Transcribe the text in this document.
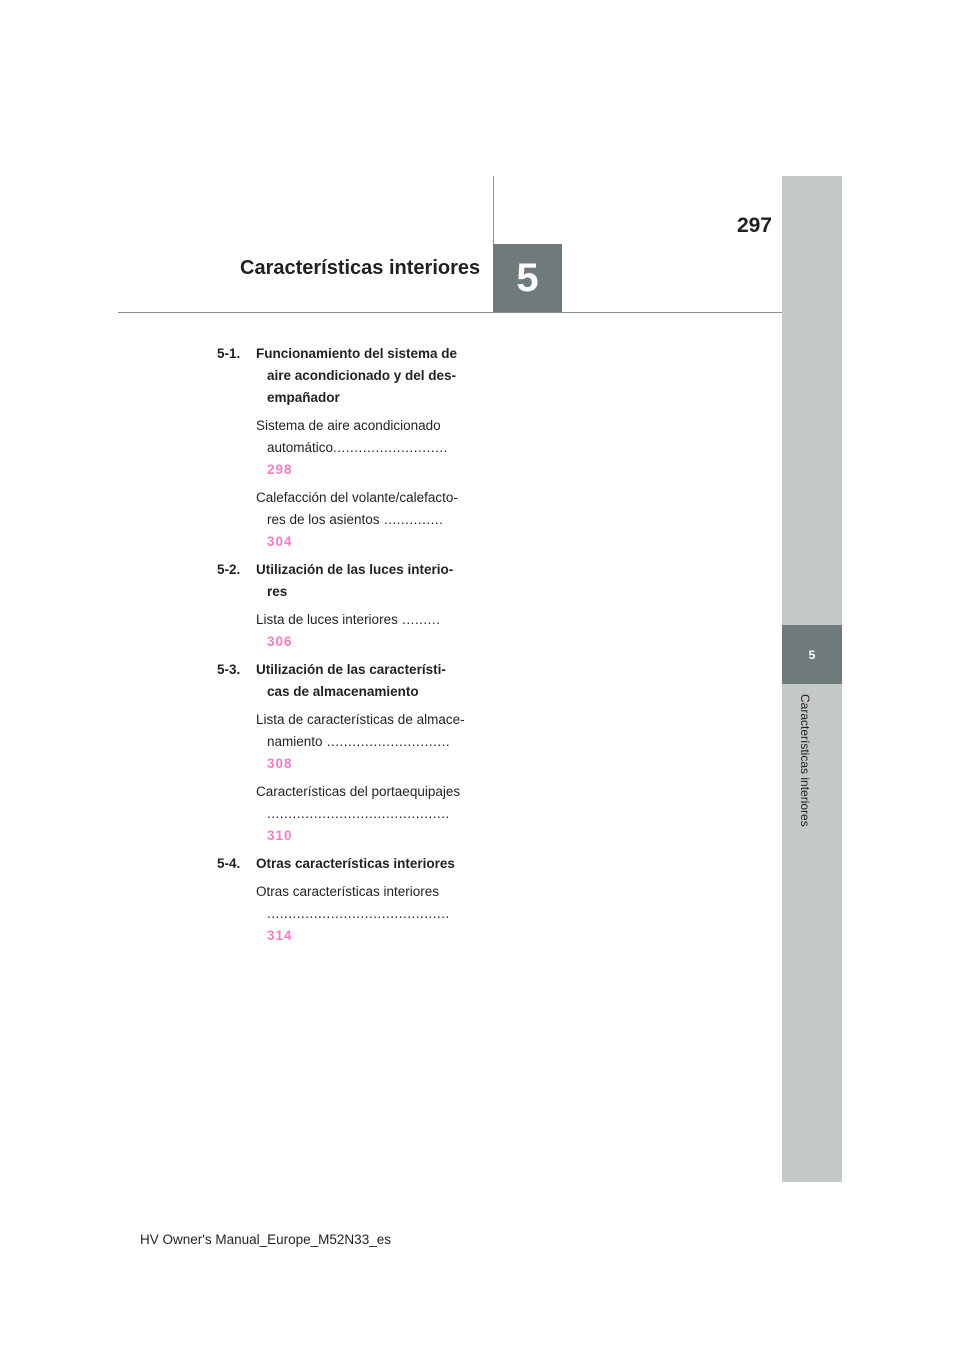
297
Características interiores 5
5
Características interiores
5-1.	Funcionamiento del sistema de aire acondicionado y del des-empañador
Sistema de aire acondicionado automático........................... 298
Calefacción del volante/calefacto-res de los asientos .............. 304
5-2.	Utilización de las luces interio-res
Lista de luces interiores ......... 306
5-3.	Utilización de las característi-cas de almacenamiento
Lista de características de almace-namiento ............................. 308
Características del portaequipajes ........................................... 310
5-4.	Otras características interiores
Otras características interiores ........................................... 314
HV Owner's Manual_Europe_M52N33_es
